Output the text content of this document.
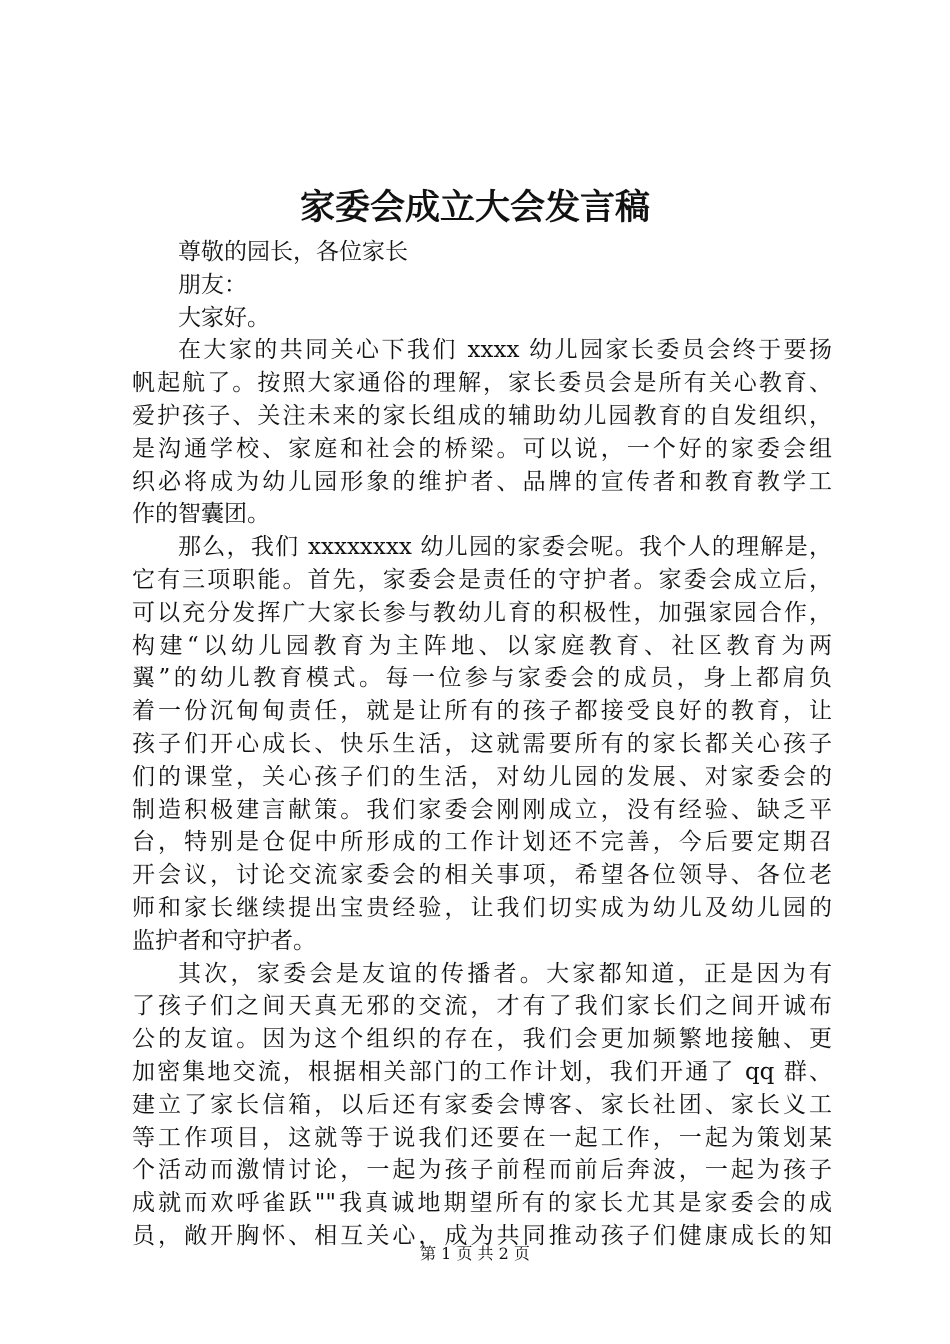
家委会成立大会发言稿
尊敬的园长，各位家长
朋友：
大家好。
在大家的共同关心下我们 xxxx 幼儿园家长委员会终于要扬
帆起航了。按照大家通俗的理解，家长委员会是所有关心教育、
爱护孩子、关注未来的家长组成的辅助幼儿园教育的自发组织，
是沟通学校、家庭和社会的桥梁。可以说，一个好的家委会组
织必将成为幼儿园形象的维护者、品牌的宣传者和教育教学工
作的智囊团。
那么，我们 xxxxxxxx 幼儿园的家委会呢。我个人的理解是，
它有三项职能。首先，家委会是责任的守护者。家委会成立后，
可以充分发挥广大家长参与教幼儿育的积极性，加强家园合作，
构建“以幼儿园教育为主阵地、以家庭教育、社区教育为两
翼”的幼儿教育模式。每一位参与家委会的成员，身上都肩负
着一份沉甸甸责任，就是让所有的孩子都接受良好的教育，让
孩子们开心成长、快乐生活，这就需要所有的家长都关心孩子
们的课堂，关心孩子们的生活，对幼儿园的发展、对家委会的
制造积极建言献策。我们家委会刚刚成立，没有经验、缺乏平
台，特别是仓促中所形成的工作计划还不完善，今后要定期召
开会议，讨论交流家委会的相关事项，希望各位领导、各位老
师和家长继续提出宝贵经验，让我们切实成为幼儿及幼儿园的
监护者和守护者。
其次，家委会是友谊的传播者。大家都知道，正是因为有
了孩子们之间天真无邪的交流，才有了我们家长们之间开诚布
公的友谊。因为这个组织的存在，我们会更加频繁地接触、更
加密集地交流，根据相关部门的工作计划，我们开通了 qq 群、
建立了家长信箱，以后还有家委会博客、家长社团、家长义工
等工作项目，这就等于说我们还要在一起工作，一起为策划某
个活动而激情讨论，一起为孩子前程而前后奔波，一起为孩子
成就而欢呼雀跃""我真诚地期望所有的家长尤其是家委会的成
员，敞开胸怀、相互关心，成为共同推动孩子们健康成长的知
第 1 页 共 2 页
